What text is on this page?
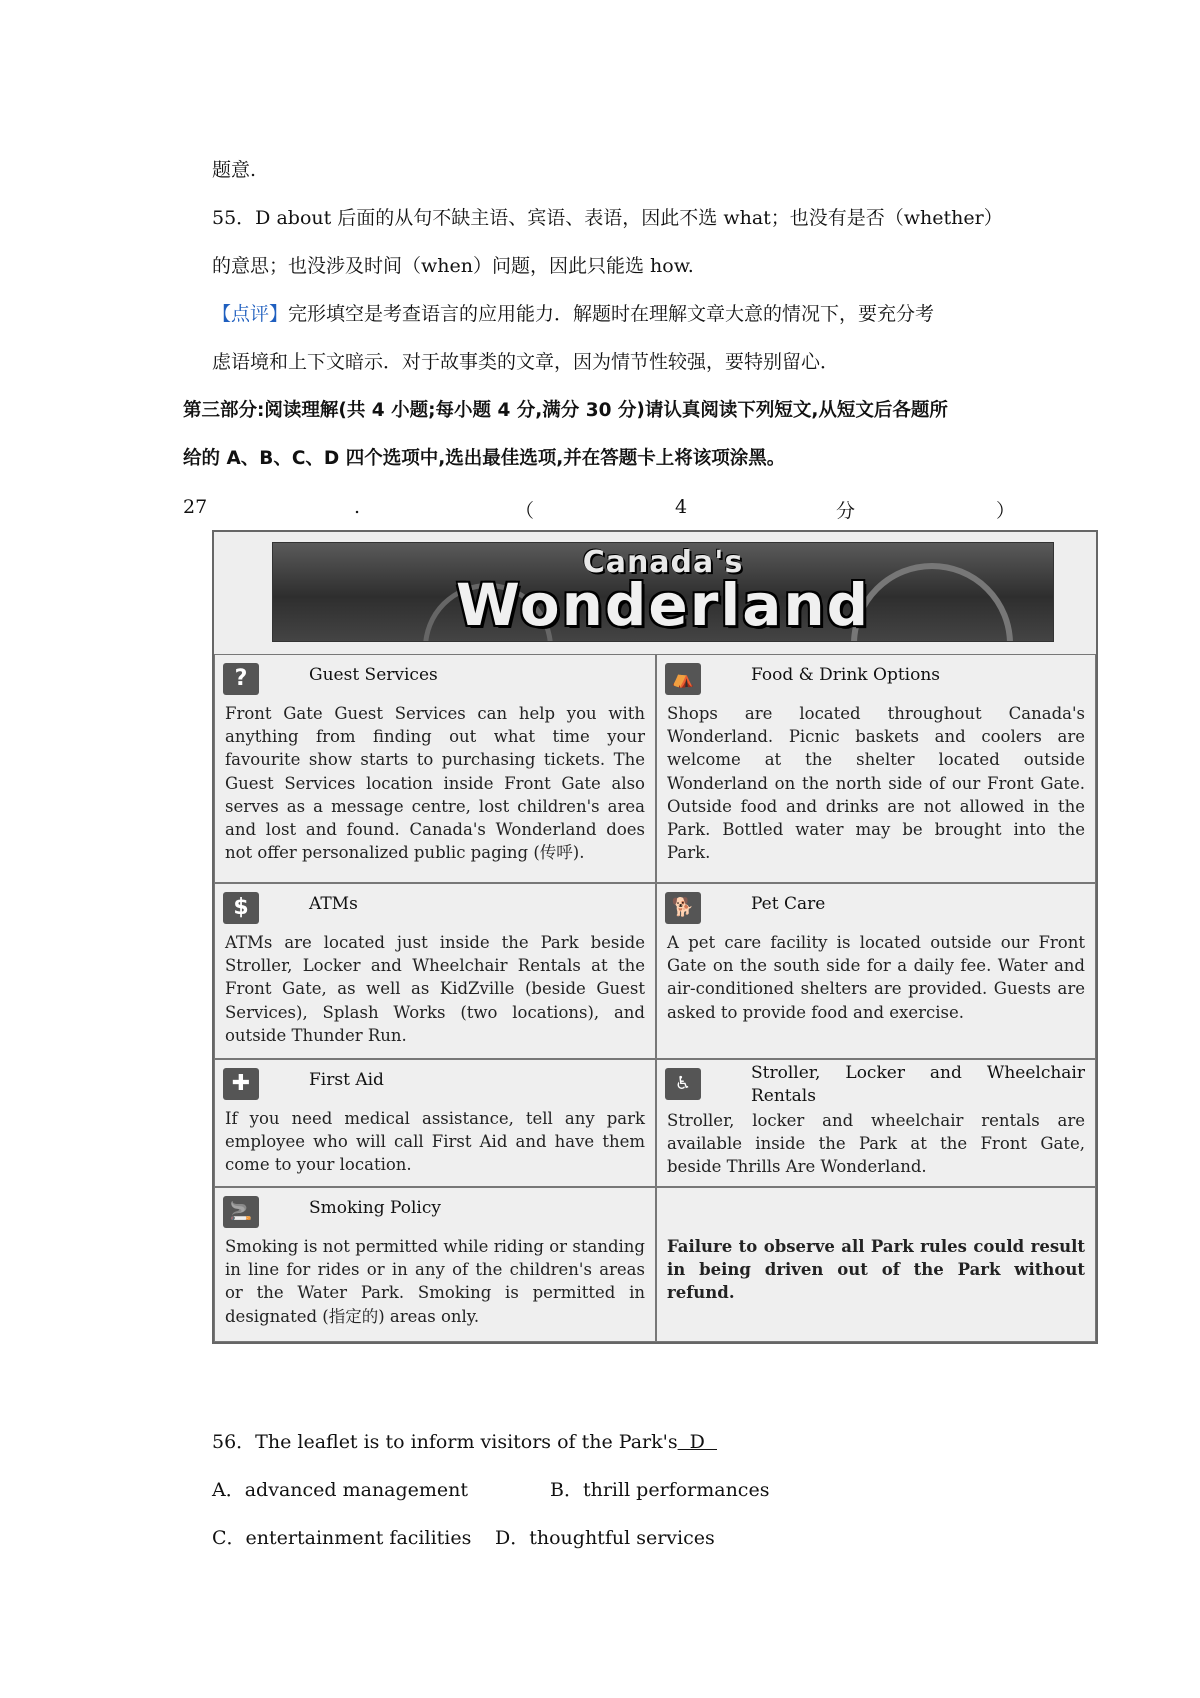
题意.
55．D about 后面的从句不缺主语、宾语、表语，因此不选 what；也没有是否（whether）
的意思；也没涉及时间（when）问题，因此只能选 how.
【点评】完形填空是考查语言的应用能力．解题时在理解文章大意的情况下，要充分考
虑语境和上下文暗示．对于故事类的文章，因为情节性较强，要特别留心．
第三部分:阅读理解(共 4 小题;每小题 4 分,满分 30 分)请认真阅读下列短文,从短文后各题所
给的 A、B、C、D 四个选项中,选出最佳选项,并在答题卡上将该项涂黑。
27	.	（	4	分	）
Canada's
Wonderland
?	Guest Services
Front Gate Guest Services can help you with anything from finding out what time your favourite show starts to purchasing tickets. The Guest Services location inside Front Gate also serves as a message centre, lost children's area and lost and found. Canada's Wonderland does not offer personalized public paging (传呼).
⛺	Food & Drink Options
Shops are located throughout Canada's Wonderland. Picnic baskets and coolers are welcome at the shelter located outside Wonderland on the north side of our Front Gate. Outside food and drinks are not allowed in the Park. Bottled water may be brought into the Park.
$	ATMs
ATMs are located just inside the Park beside Stroller, Locker and Wheelchair Rentals at the Front Gate, as well as KidZville (beside Guest Services), Splash Works (two locations), and outside Thunder Run.
🐕	Pet Care
A pet care facility is located outside our Front Gate on the south side for a daily fee. Water and air-conditioned shelters are provided. Guests are asked to provide food and exercise.
✚	First Aid
If you need medical assistance, tell any park employee who will call First Aid and have them come to your location.
♿	Stroller, Locker and Wheelchair Rentals
Stroller, locker and wheelchair rentals are available inside the Park at the Front Gate, beside Thrills Are Wonderland.
🚬	Smoking Policy
Smoking is not permitted while riding or standing in line for rides or in any of the children's areas or the Water Park. Smoking is permitted in designated (指定的) areas only.
Failure to observe all Park rules could result in being driven out of the Park without refund.
56．The leaflet is to inform visitors of the Park's  D
A．advanced management	B．thrill performances
C．entertainment facilities D．thoughtful services
